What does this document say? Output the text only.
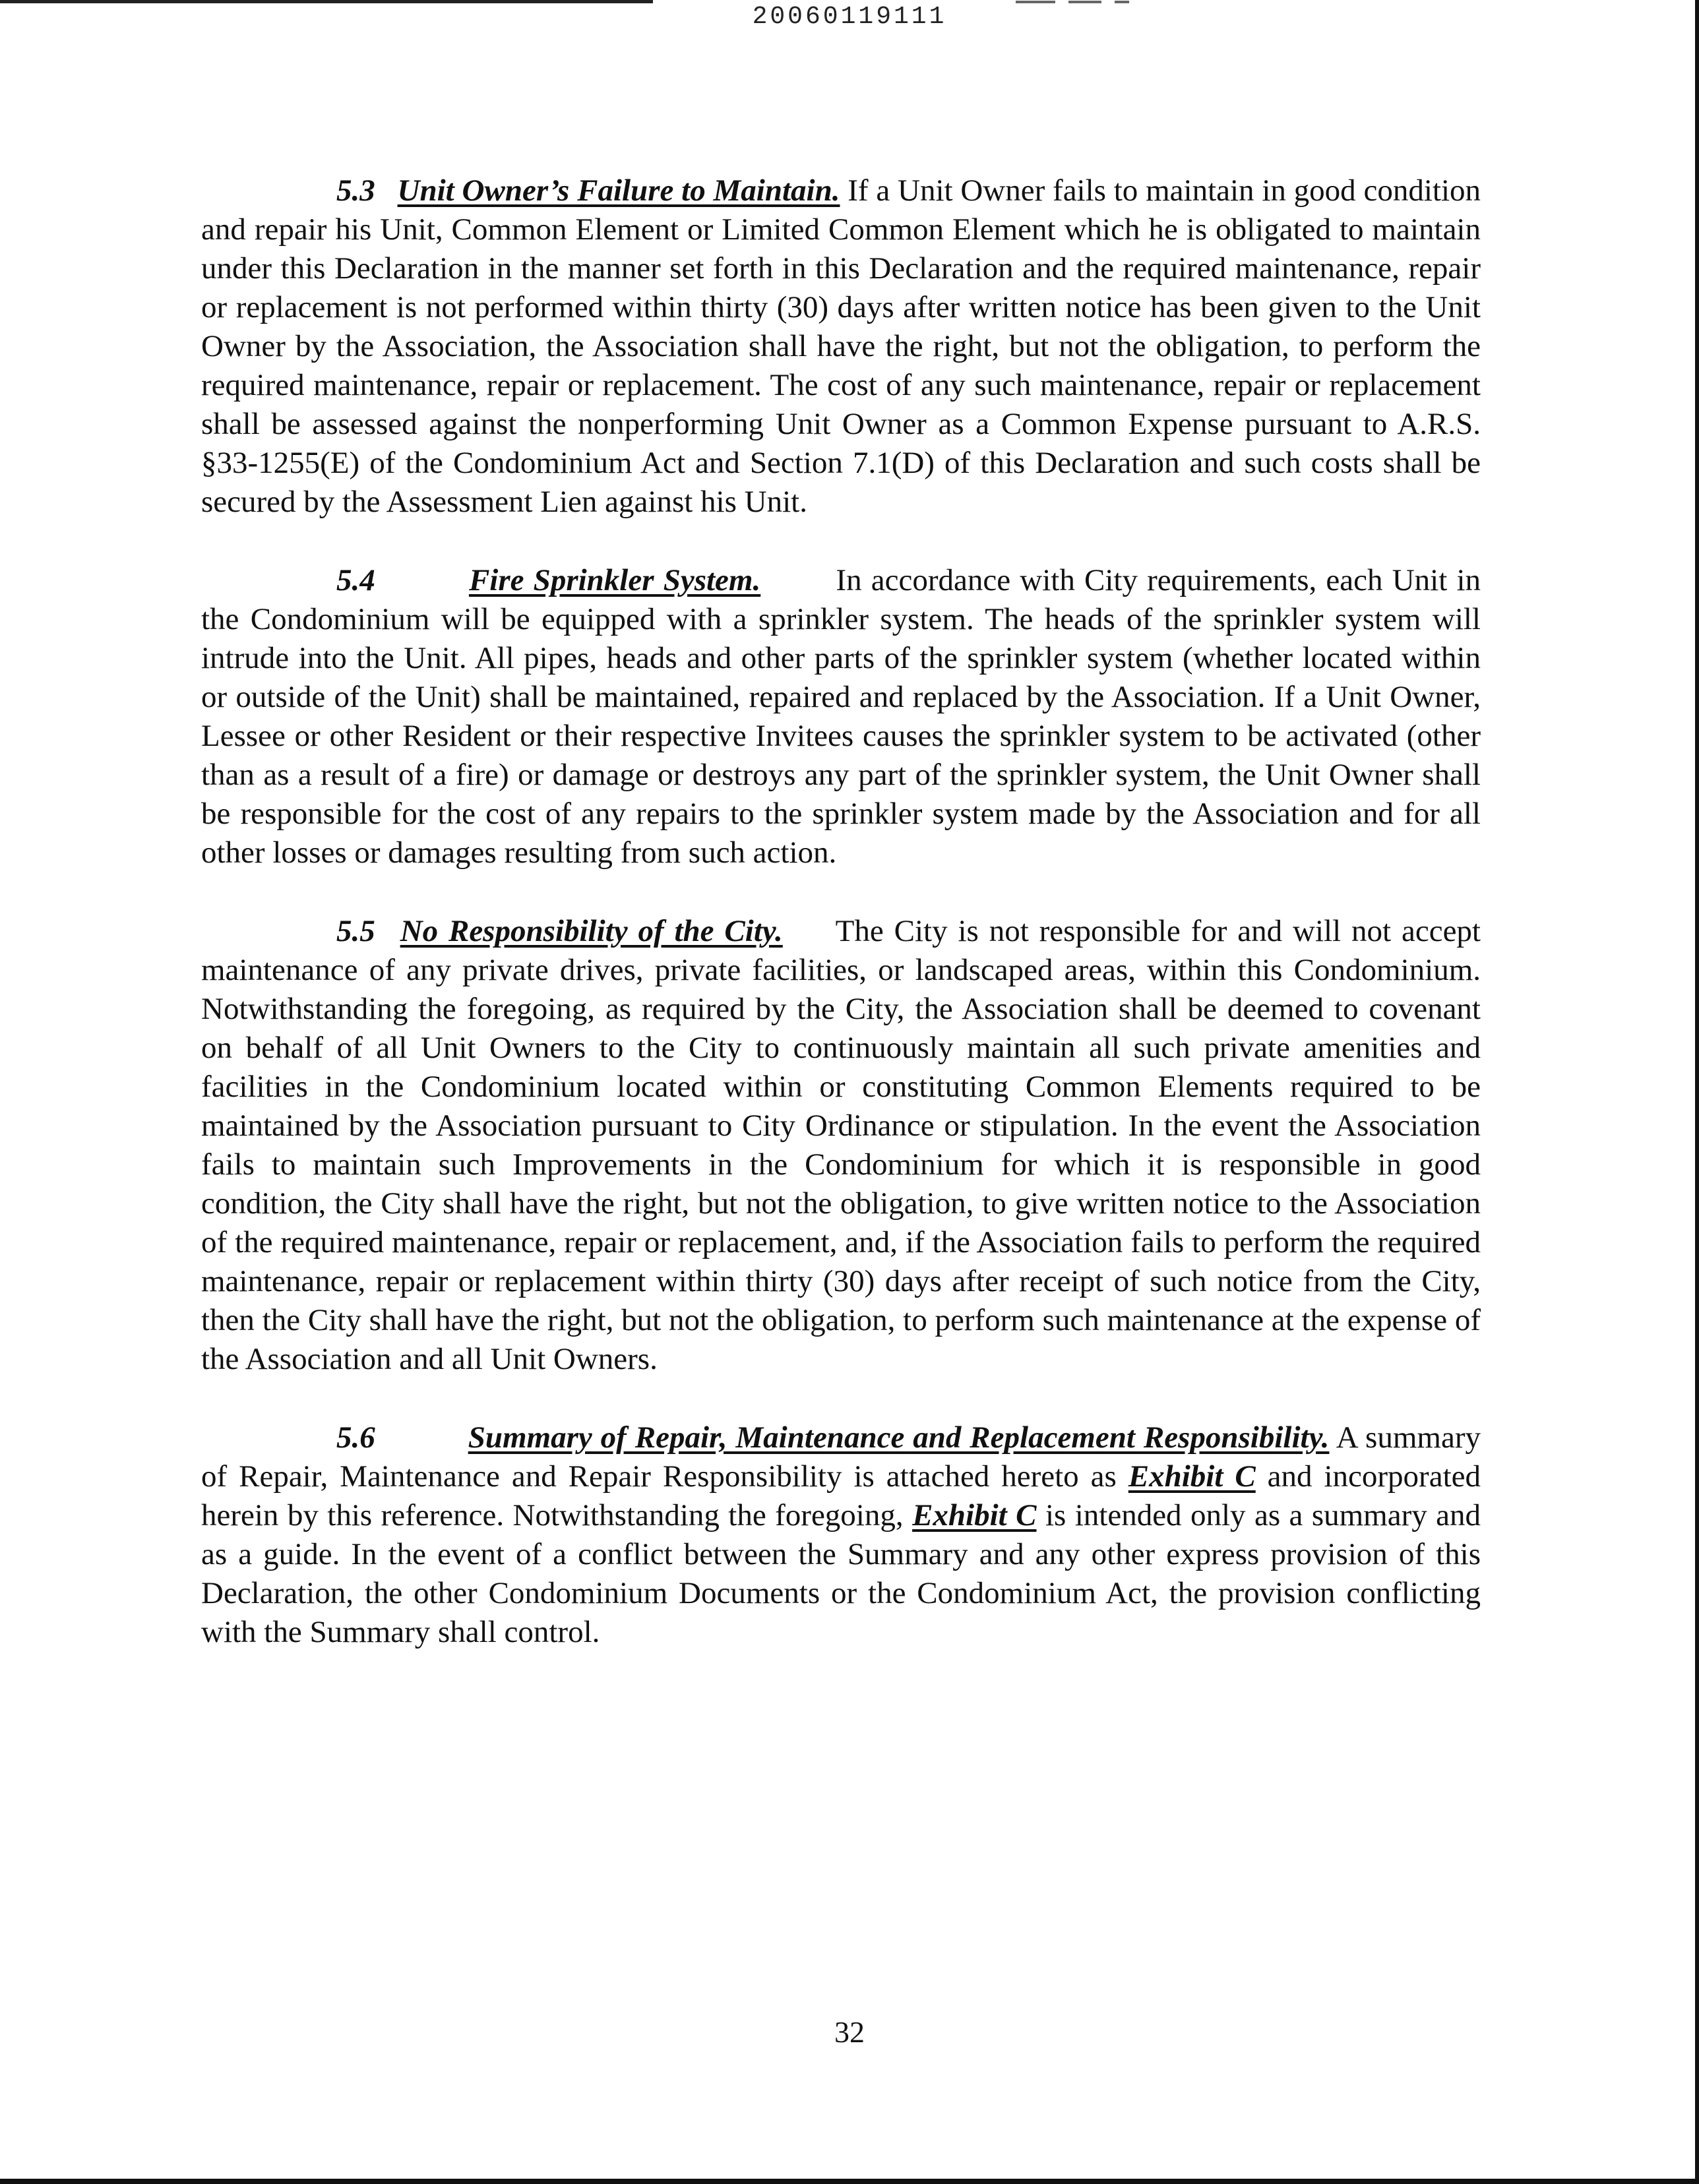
20060119111

5.3 Unit Owner’s Failure to Maintain. If a Unit Owner fails to maintain in good condition and repair his Unit, Common Element or Limited Common Element which he is obligated to maintain under this Declaration in the manner set forth in this Declaration and the required maintenance, repair or replacement is not performed within thirty (30) days after written notice has been given to the Unit Owner by the Association, the Association shall have the right, but not the obligation, to perform the required maintenance, repair or replacement. The cost of any such maintenance, repair or replacement shall be assessed against the nonperforming Unit Owner as a Common Expense pursuant to A.R.S. §33-1255(E) of the Condominium Act and Section 7.1(D) of this Declaration and such costs shall be secured by the Assessment Lien against his Unit.

5.4	Fire Sprinkler System. In accordance with City requirements, each Unit in the Condominium will be equipped with a sprinkler system. The heads of the sprinkler system will intrude into the Unit. All pipes, heads and other parts of the sprinkler system (whether located within or outside of the Unit) shall be maintained, repaired and replaced by the Association. If a Unit Owner, Lessee or other Resident or their respective Invitees causes the sprinkler system to be activated (other than as a result of a fire) or damage or destroys any part of the sprinkler system, the Unit Owner shall be responsible for the cost of any repairs to the sprinkler system made by the Association and for all other losses or damages resulting from such action.

5.5 No Responsibility of the City. The City is not responsible for and will not accept maintenance of any private drives, private facilities, or landscaped areas, within this Condominium. Notwithstanding the foregoing, as required by the City, the Association shall be deemed to covenant on behalf of all Unit Owners to the City to continuously maintain all such private amenities and facilities in the Condominium located within or constituting Common Elements required to be maintained by the Association pursuant to City Ordinance or stipulation. In the event the Association fails to maintain such Improvements in the Condominium for which it is responsible in good condition, the City shall have the right, but not the obligation, to give written notice to the Association of the required maintenance, repair or replacement, and, if the Association fails to perform the required maintenance, repair or replacement within thirty (30) days after receipt of such notice from the City, then the City shall have the right, but not the obligation, to perform such maintenance at the expense of the Association and all Unit Owners.

5.6	Summary of Repair, Maintenance and Replacement Responsibility. A summary of Repair, Maintenance and Repair Responsibility is attached hereto as Exhibit C and incorporated herein by this reference. Notwithstanding the foregoing, Exhibit C is intended only as a summary and as a guide. In the event of a conflict between the Summary and any other express provision of this Declaration, the other Condominium Documents or the Condominium Act, the provision conflicting with the Summary shall control.

32
